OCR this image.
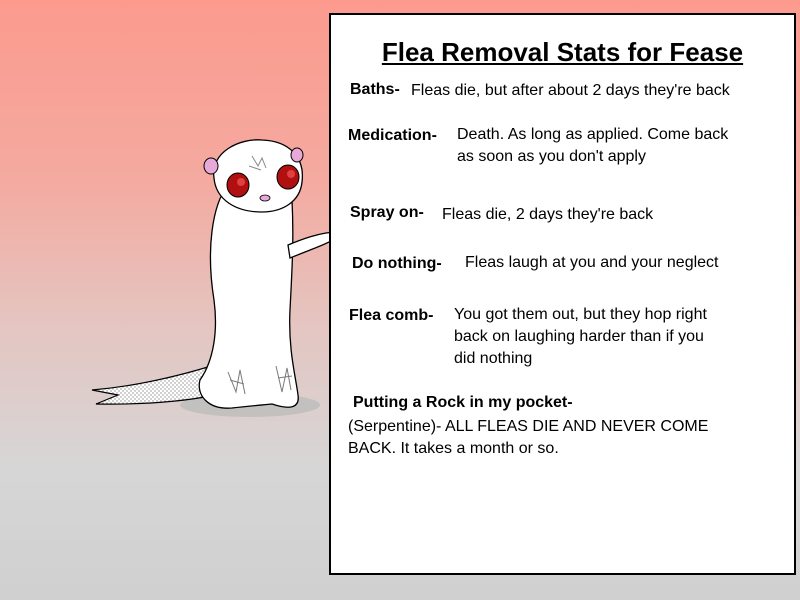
Flea Removal Stats for Fease
Baths- Fleas die, but after about 2 days they're back
Medication- Death. As long as applied. Come back
as soon as you don't apply
Spray on- Fleas die, 2 days they're back
Do nothing- Fleas laugh at you and your neglect
Flea comb- You got them out, but they hop right
back on laughing harder than if you
did nothing
Putting a Rock in my pocket-
(Serpentine)- ALL FLEAS DIE AND NEVER COME
BACK. It takes a month or so.
